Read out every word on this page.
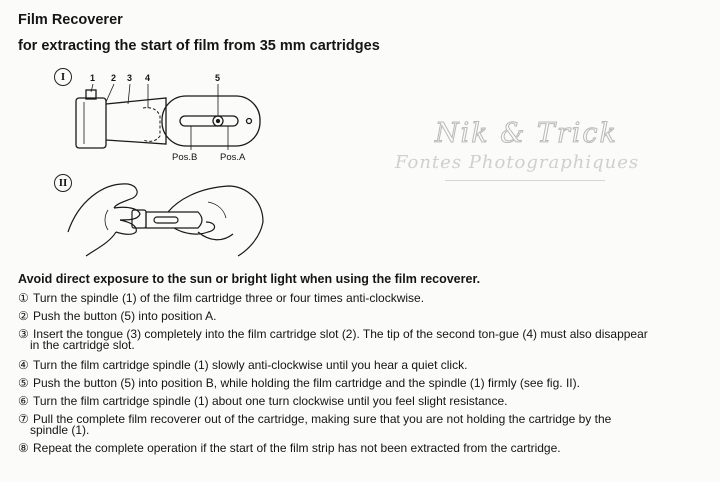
Film Recoverer
for extracting the start of film from 35 mm cartridges
I	1 2 3 4	5
Pos.B Pos.A
II
Nik & Trick
Fontes Photographiques

Avoid direct exposure to the sun or bright light when using the film recoverer.

① Turn the spindle (1) of the film cartridge three or four times anti-clockwise.

② Push the button (5) into position A.

③ Insert the tongue (3) completely into the film cartridge slot (2). The tip of the second ton-gue (4) must also disappear
in the cartridge slot.

④ Turn the film cartridge spindle (1) slowly anti-clockwise until you hear a quiet click.

⑤ Push the button (5) into position B, while holding the film cartridge and the spindle (1) firmly (see fig. II).

⑥ Turn the film cartridge spindle (1) about one turn clockwise until you feel slight resistance.

⑦ Pull the complete film recoverer out of the cartridge, making sure that you are not holding the cartridge by the
spindle (1).

⑧ Repeat the complete operation if the start of the film strip has not been extracted from the cartridge.
